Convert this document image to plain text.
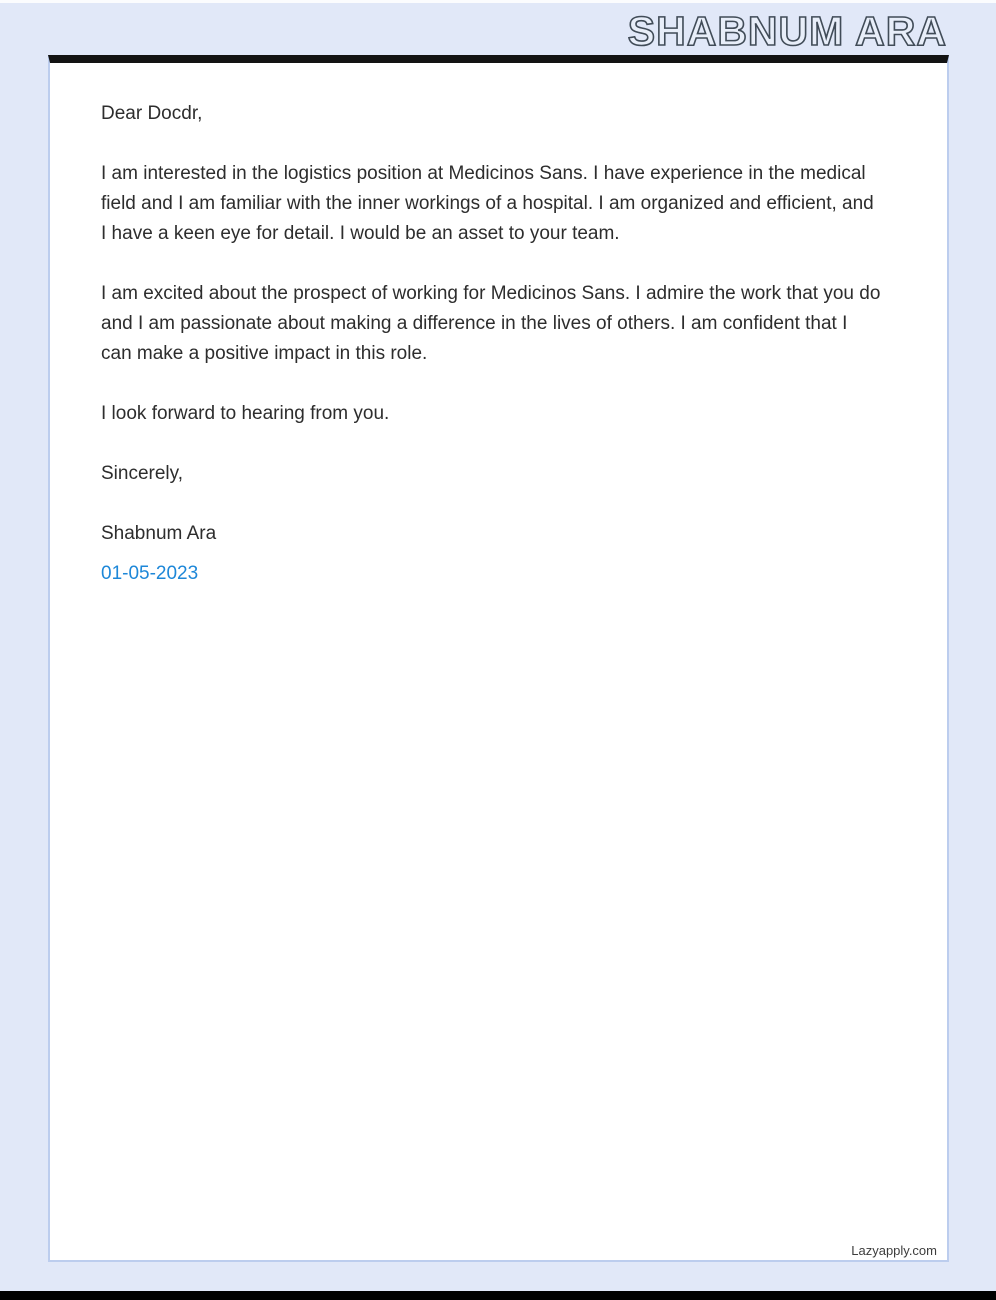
SHABNUM ARA

Dear Docdr,

I am interested in the logistics position at Medicinos Sans. I have experience in the medical field and I am familiar with the inner workings of a hospital. I am organized and efficient, and I have a keen eye for detail. I would be an asset to your team.

I am excited about the prospect of working for Medicinos Sans. I admire the work that you do and I am passionate about making a difference in the lives of others. I am confident that I can make a positive impact in this role.

I look forward to hearing from you.

Sincerely,

Shabnum Ara

01-05-2023
Lazyapply.com
